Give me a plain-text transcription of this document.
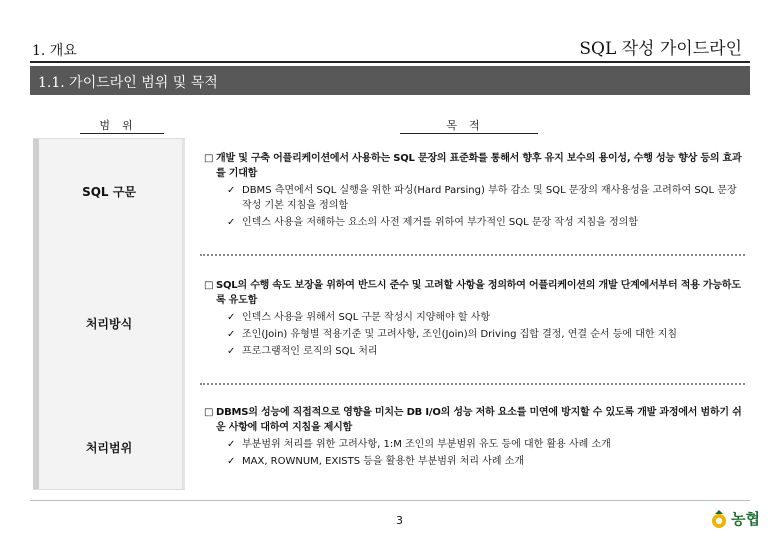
SQL 작성 가이드라인
1. 개요
1.1. 가이드라인 범위 및 목적
범위	목적
SQL 구문
처리방식
처리범위
□ 개발 및 구축 어플리케이션에서 사용하는 SQL 문장의 표준화를 통해서 향후 유지 보수의 용이성, 수행 성능 향상 등의 효과를 기대함
✓ DBMS 측면에서 SQL 실행을 위한 파싱(Hard Parsing) 부하 감소 및 SQL 문장의 재사용성을 고려하여 SQL 문장 작성 기본 지침을 정의함
✓ 인덱스 사용을 저해하는 요소의 사전 제거를 위하여 부가적인 SQL 문장 작성 지침을 정의함
□ SQL의 수행 속도 보장을 위하여 반드시 준수 및 고려할 사항을 정의하여 어플리케이션의 개발 단계에서부터 적용 가능하도록 유도함
✓ 인덱스 사용을 위해서 SQL 구문 작성시 지양해야 할 사항
✓ 조인(Join) 유형별 적용기준 및 고려사항, 조인(Join)의 Driving 집합 결정, 연결 순서 등에 대한 지침
✓ 프로그램적인 로직의 SQL 처리
□ DBMS의 성능에 직접적으로 영향을 미치는 DB I/O의 성능 저하 요소를 미연에 방지할 수 있도록 개발 과정에서 범하기 쉬운 사항에 대하여 지침을 제시함
✓ 부분범위 처리를 위한 고려사항, 1:M 조인의 부분범위 유도 등에 대한 활용 사례 소개
✓ MAX, ROWNUM, EXISTS 등을 활용한 부분범위 처리 사례 소개
3	농협
